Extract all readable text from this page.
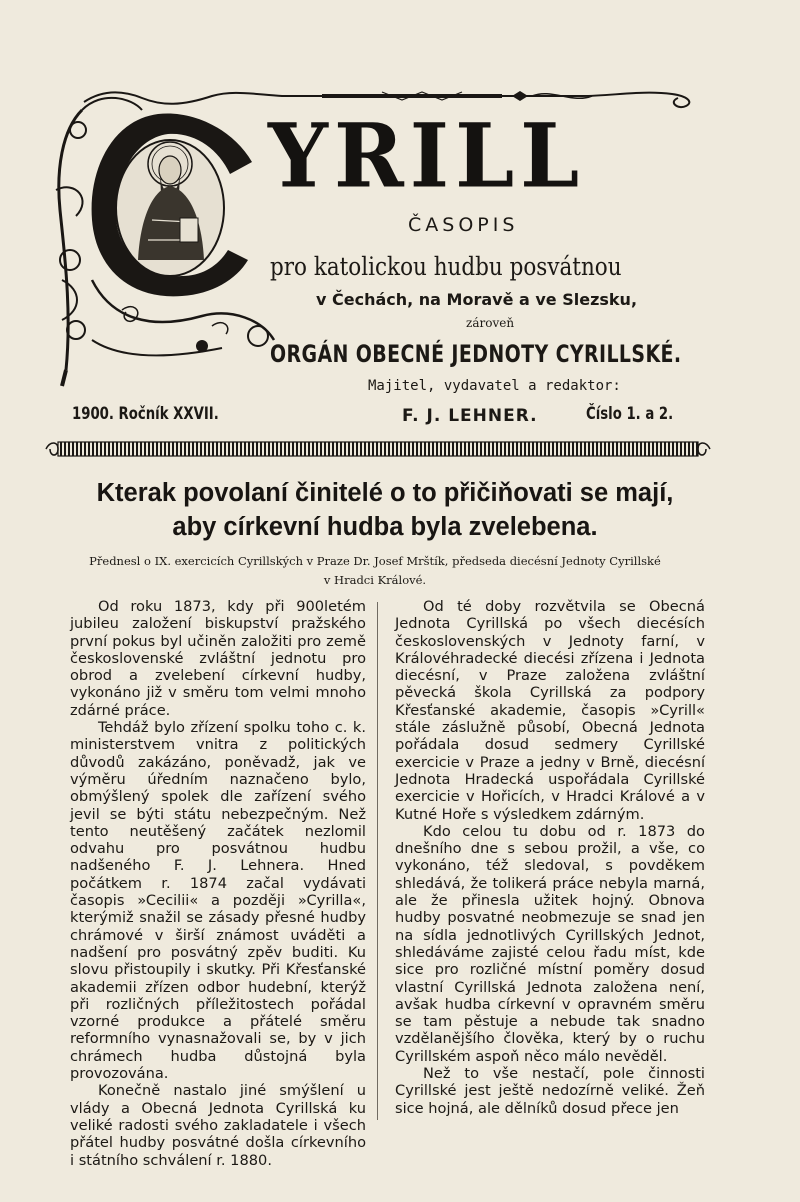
YRILL
ČASOPIS
pro katolickou hudbu posvátnou
v Čechách, na Moravě a ve Slezsku,
zároveň
ORGÁN OBECNÉ JEDNOTY CYRILLSKÉ.
Majitel, vydavatel a redaktor:
1900. Ročník XXVII.	F. J. LEHNER.	Číslo 1. a 2.
Kterak povolaní činitelé o to přičiňovati se mají,
aby církevní hudba byla zvelebena.
Přednesl o IX. exercicích Cyrillských v Praze Dr. Josef Mrštík, předseda diecésní Jednoty Cyrillské
v Hradci Králové.

Od roku 1873, kdy při 900letém jubileu založení biskupství pražského první pokus byl učiněn založiti pro země československé zvláštní jednotu pro obrod a zvelebení církevní hudby, vykonáno již v směru tom velmi mnoho zdárné práce.

Tehdáž bylo zřízení spolku toho c. k. ministerstvem vnitra z politických důvodů zakázáno, poněvadž, jak ve výměru úředním naznačeno bylo, obmýšlený spolek dle zařízení svého jevil se býti státu nebezpečným. Než tento neutěšený začátek nezlomil odvahu pro posvátnou hudbu nadšeného F. J. Lehnera. Hned počátkem r. 1874 začal vydávati časopis »Cecilii« a později »Cyrilla«, kterýmiž snažil se zásady přesné hudby chrámové v širší známost uváděti a nadšení pro posvátný zpěv buditi. Ku slovu přistoupily i skutky. Při Křesťanské akademii zřízen odbor hudební, kterýž při rozličných příležitostech pořádal vzorné produkce a přátelé směru reformního vynasnažovali se, by v jich chrámech hudba důstojná byla provozována.

Konečně nastalo jiné smýšlení u vlády a Obecná Jednota Cyrillská ku veliké radosti svého zakladatele i všech přátel hudby posvátné došla církevního i státního schválení r. 1880.

Od té doby rozvětvila se Obecná Jednota Cyrillská po všech diecésích československých v Jednoty farní, v Královéhradecké diecési zřízena i Jednota diecésní, v Praze založena zvláštní pěvecká škola Cyrillská za podpory Křesťanské akademie, časopis »Cyrill« stále záslužně působí, Obecná Jednota pořádala dosud sedmery Cyrillské exercicie v Praze a jedny v Brně, diecésní Jednota Hradecká uspořádala Cyrillské exercicie v Hořicích, v Hradci Králové a v Kutné Hoře s výsledkem zdárným.

Kdo celou tu dobu od r. 1873 do dnešního dne s sebou prožil, a vše, co vykonáno, též sledoval, s povděkem shledává, že tolikerá práce nebyla marná, ale že přinesla užitek hojný. Obnova hudby posvatné neobmezuje se snad jen na sídla jednotlivých Cyrillských Jednot, shledáváme zajisté celou řadu míst, kde sice pro rozličné místní poměry dosud vlastní Cyrillská Jednota založena není, avšak hudba církevní v opravném směru se tam pěstuje a nebude tak snadno vzdělanějšího člověka, který by o ruchu Cyrillském aspoň něco málo nevěděl.

Než to vše nestačí, pole činnosti Cyrillské jest ještě nedozírně veliké. Žeň sice hojná, ale dělníků dosud přece jen
